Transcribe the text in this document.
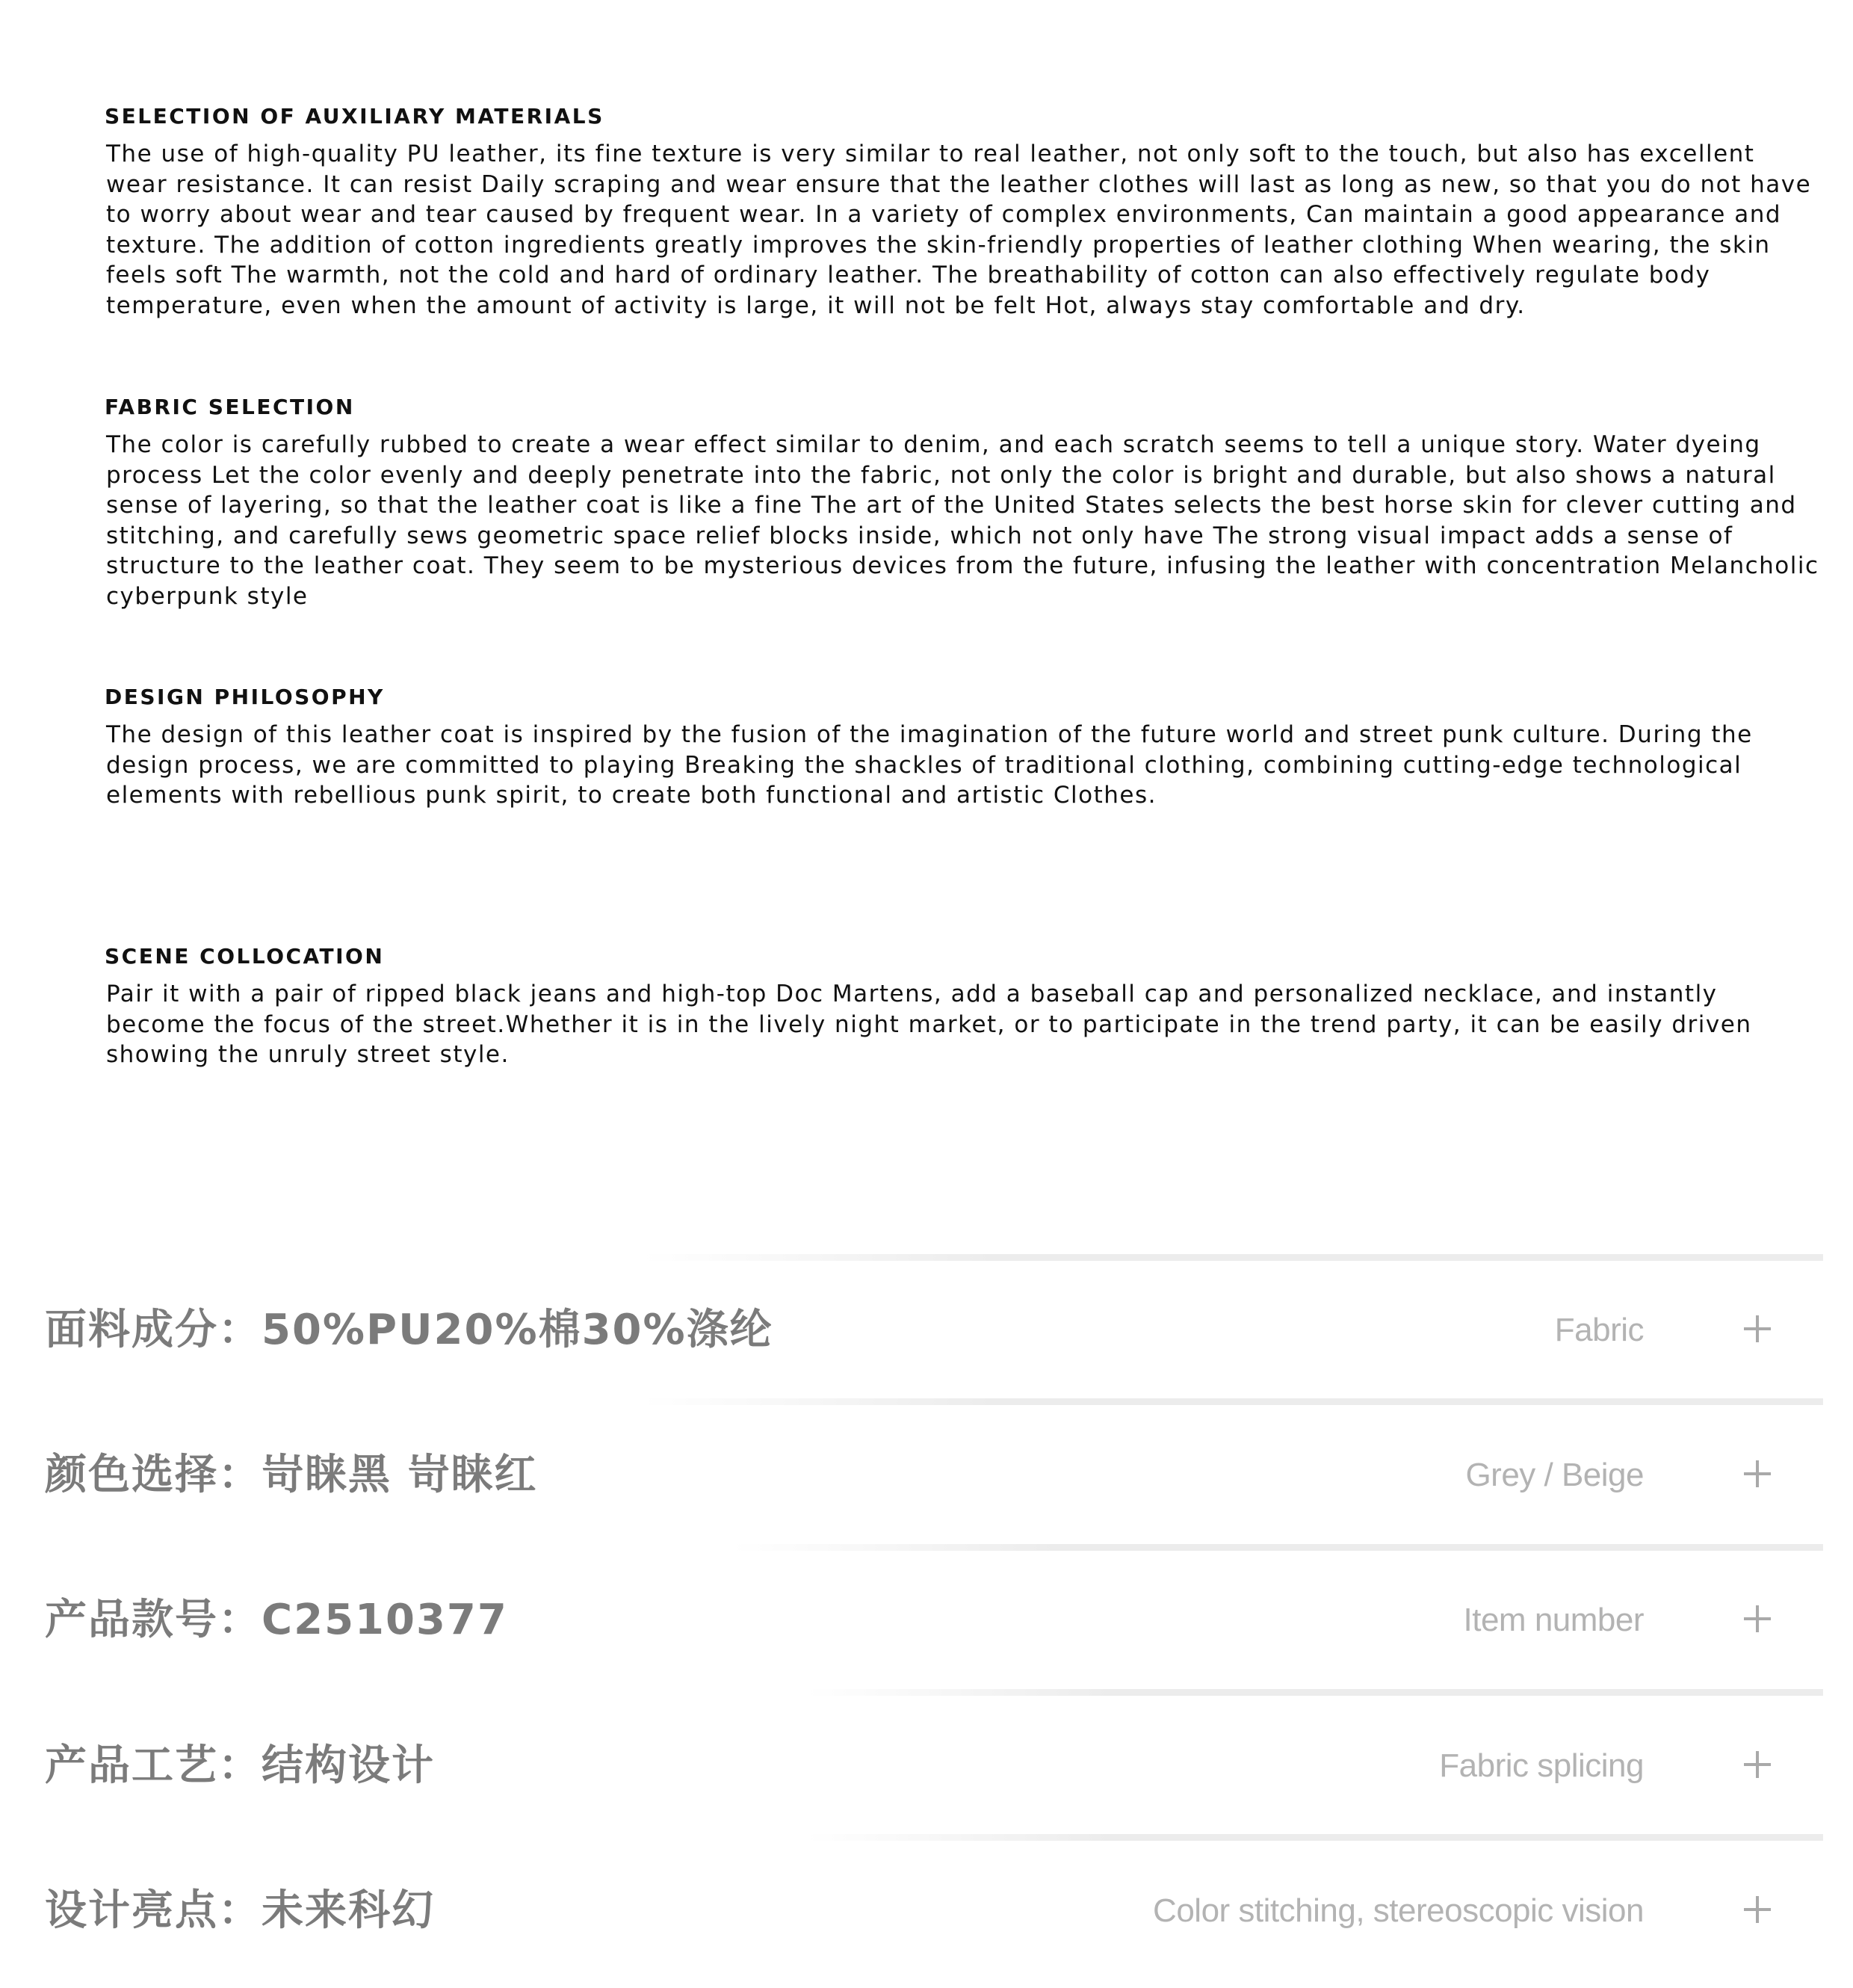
SELECTION OF AUXILIARY MATERIALS

The use of high-quality PU leather, its fine texture is very similar to real leather, not only soft to the touch, but also has excellent wear resistance. It can resist Daily scraping and wear ensure that the leather clothes will last as long as new, so that you do not have to worry about wear and tear caused by frequent wear. In a variety of complex environments, Can maintain a good appearance and texture. The addition of cotton ingredients greatly improves the skin-friendly properties of leather clothing When wearing, the skin feels soft The warmth, not the cold and hard of ordinary leather. The breathability of cotton can also effectively regulate body temperature, even when the amount of activity is large, it will not be felt Hot, always stay comfortable and dry.

FABRIC SELECTION

The color is carefully rubbed to create a wear effect similar to denim, and each scratch seems to tell a unique story. Water dyeing process Let the color evenly and deeply penetrate into the fabric, not only the color is bright and durable, but also shows a natural sense of layering, so that the leather coat is like a fine The art of the United States selects the best horse skin for clever cutting and stitching, and carefully sews geometric space relief blocks inside, which not only have The strong visual impact adds a sense of structure to the leather coat. They seem to be mysterious devices from the future, infusing the leather with concentration Melancholic cyberpunk style

DESIGN PHILOSOPHY

The design of this leather coat is inspired by the fusion of the imagination of the future world and street punk culture. During the design process, we are committed to playing Breaking the shackles of traditional clothing, combining cutting-edge technological elements with rebellious punk spirit, to create both functional and artistic Clothes.

SCENE COLLOCATION

Pair it with a pair of ripped black jeans and high-top Doc Martens, add a baseball cap and personalized necklace, and instantly become the focus of the street.Whether it is in the lively night market, or to participate in the trend party, it can be easily driven showing the unruly street style.

面料成分：50%PU20%棉30%涤纶	Fabric
颜色选择：岢睐黑 岢睐红	Grey / Beige
产品款号：C2510377	Item number
产品工艺：结构设计	Fabric splicing
设计亮点：未来科幻	Color stitching, stereoscopic vision
